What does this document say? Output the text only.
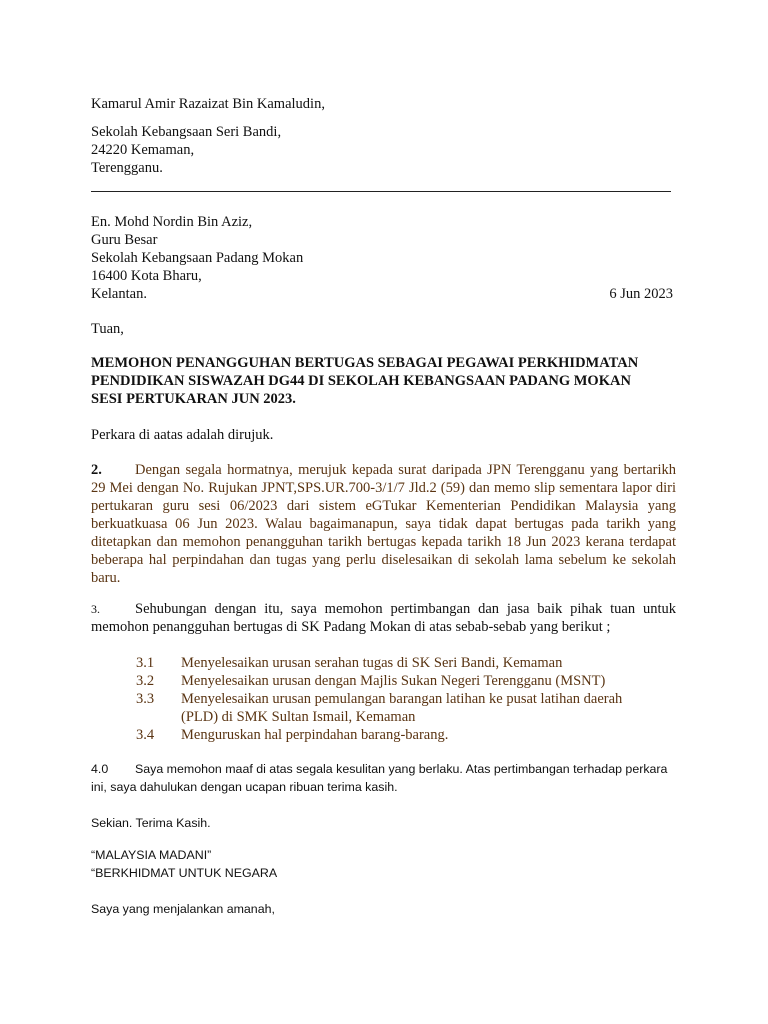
Kamarul Amir Razaizat Bin Kamaludin,
Sekolah Kebangsaan Seri Bandi,
24220 Kemaman,
Terengganu.
En. Mohd Nordin Bin Aziz,
Guru Besar
Sekolah Kebangsaan Padang Mokan
16400 Kota Bharu,
Kelantan.	6 Jun 2023
Tuan,
MEMOHON PENANGGUHAN BERTUGAS SEBAGAI PEGAWAI PERKHIDMATAN
PENDIDIKAN SISWAZAH DG44 DI SEKOLAH KEBANGSAAN PADANG MOKAN
SESI PERTUKARAN JUN 2023.
Perkara di aatas adalah dirujuk.
2. Dengan segala hormatnya, merujuk kepada surat daripada JPN Terengganu yang bertarikh 29 Mei dengan No. Rujukan JPNT,SPS.UR.700-3/1/7 Jld.2 (59) dan memo slip sementara lapor diri pertukaran guru sesi 06/2023 dari sistem eGTukar Kementerian Pendidikan Malaysia yang berkuatkuasa 06 Jun 2023. Walau bagaimanapun, saya tidak dapat bertugas pada tarikh yang ditetapkan dan memohon penangguhan tarikh bertugas kepada tarikh 18 Jun 2023 kerana terdapat beberapa hal perpindahan dan tugas yang perlu diselesaikan di sekolah lama sebelum ke sekolah baru.
3. Sehubungan dengan itu, saya memohon pertimbangan dan jasa baik pihak tuan untuk memohon penangguhan bertugas di SK Padang Mokan di atas sebab-sebab yang berikut ;
3.1 Menyelesaikan urusan serahan tugas di SK Seri Bandi, Kemaman
3.2 Menyelesaikan urusan dengan Majlis Sukan Negeri Terengganu (MSNT)
3.3 Menyelesaikan urusan pemulangan barangan latihan ke pusat latihan daerah (PLD) di SMK Sultan Ismail, Kemaman
3.4 Menguruskan hal perpindahan barang-barang.
4.0 Saya memohon maaf di atas segala kesulitan yang berlaku. Atas pertimbangan terhadap perkara ini, saya dahulukan dengan ucapan ribuan terima kasih.
Sekian. Terima Kasih.
“MALAYSIA MADANI”
“BERKHIDMAT UNTUK NEGARA
Saya yang menjalankan amanah,
